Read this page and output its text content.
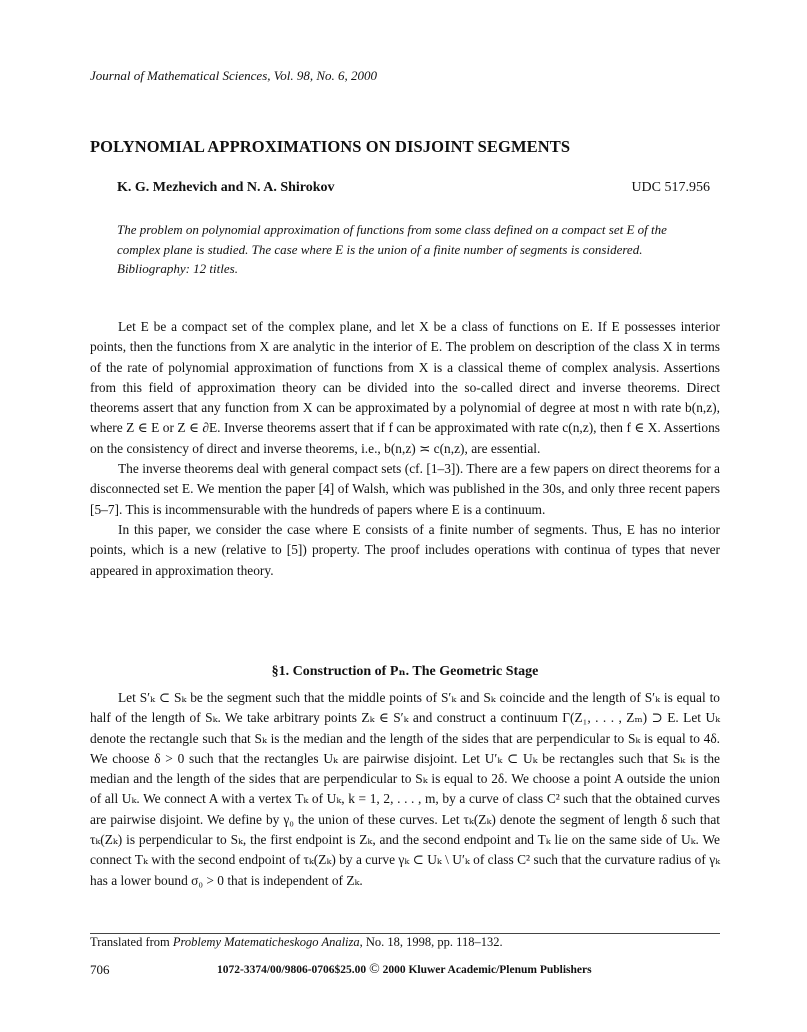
Journal of Mathematical Sciences, Vol. 98, No. 6, 2000
POLYNOMIAL APPROXIMATIONS ON DISJOINT SEGMENTS
K. G. Mezhevich and N. A. Shirokov	UDC 517.956
The problem on polynomial approximation of functions from some class defined on a compact set E of the complex plane is studied. The case where E is the union of a finite number of segments is considered. Bibliography: 12 titles.

Let E be a compact set of the complex plane, and let X be a class of functions on E. If E possesses interior points, then the functions from X are analytic in the interior of E. The problem on description of the class X in terms of the rate of polynomial approximation of functions from X is a classical theme of complex analysis. Assertions from this field of approximation theory can be divided into the so-called direct and inverse theorems. Direct theorems assert that any function from X can be approximated by a polynomial of degree at most n with rate b(n,z), where Z ∈ E or Z ∈ ∂E. Inverse theorems assert that if f can be approximated with rate c(n,z), then f ∈ X. Assertions on the consistency of direct and inverse theorems, i.e., b(n,z) ≍ c(n,z), are essential.

The inverse theorems deal with general compact sets (cf. [1–3]). There are a few papers on direct theorems for a disconnected set E. We mention the paper [4] of Walsh, which was published in the 30s, and only three recent papers [5–7]. This is incommensurable with the hundreds of papers where E is a continuum.

In this paper, we consider the case where E consists of a finite number of segments. Thus, E has no interior points, which is a new (relative to [5]) property. The proof includes operations with continua of types that never appeared in approximation theory.

§1. Construction of Pₙ. The Geometric Stage

Let S′ₖ ⊂ Sₖ be the segment such that the middle points of S′ₖ and Sₖ coincide and the length of S′ₖ is equal to half of the length of Sₖ. We take arbitrary points Zₖ ∈ S′ₖ and construct a continuum Γ(Z₁, . . . , Zₘ) ⊃ E. Let Uₖ denote the rectangle such that Sₖ is the median and the length of the sides that are perpendicular to Sₖ is equal to 4δ. We choose δ > 0 such that the rectangles Uₖ are pairwise disjoint. Let U′ₖ ⊂ Uₖ be rectangles such that Sₖ is the median and the length of the sides that are perpendicular to Sₖ is equal to 2δ. We choose a point A outside the union of all Uₖ. We connect A with a vertex Tₖ of Uₖ, k = 1, 2, . . . , m, by a curve of class C² such that the obtained curves are pairwise disjoint. We define by γ₀ the union of these curves. Let τₖ(Zₖ) denote the segment of length δ such that τₖ(Zₖ) is perpendicular to Sₖ, the first endpoint is Zₖ, and the second endpoint and Tₖ lie on the same side of Uₖ. We connect Tₖ with the second endpoint of τₖ(Zₖ) by a curve γₖ ⊂ Uₖ \ U′ₖ of class C² such that the curvature radius of γₖ has a lower bound σ₀ > 0 that is independent of Zₖ.

Translated from Problemy Matematicheskogo Analiza, No. 18, 1998, pp. 118–132.
706	1072-3374/00/9806-0706$25.00 © 2000 Kluwer Academic/Plenum Publishers
